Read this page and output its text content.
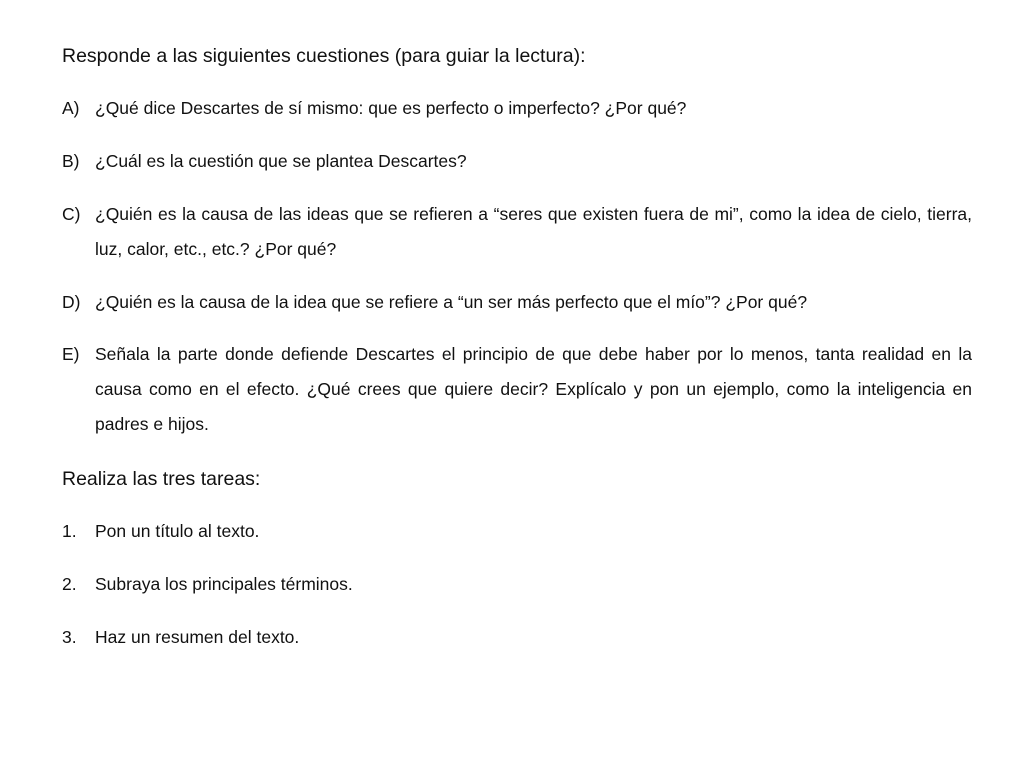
Responde a las siguientes cuestiones (para guiar la lectura):
A) ¿Qué dice Descartes de sí mismo: que es perfecto o imperfecto? ¿Por qué?
B) ¿Cuál es la cuestión que se plantea Descartes?
C) ¿Quién es la causa de las ideas que se refieren a “seres que existen fuera de mi”, como la idea de cielo, tierra, luz, calor, etc., etc.? ¿Por qué?
D) ¿Quién es la causa de la idea que se refiere a “un ser más perfecto que el mío”? ¿Por qué?
E) Señala la parte donde defiende Descartes el principio de que debe haber por lo menos, tanta realidad en la causa como en el efecto. ¿Qué crees que quiere decir? Explícalo y pon un ejemplo, como la inteligencia en padres e hijos.
Realiza las tres tareas:
1. Pon un título al texto.
2. Subraya los principales términos.
3. Haz un resumen del texto.
